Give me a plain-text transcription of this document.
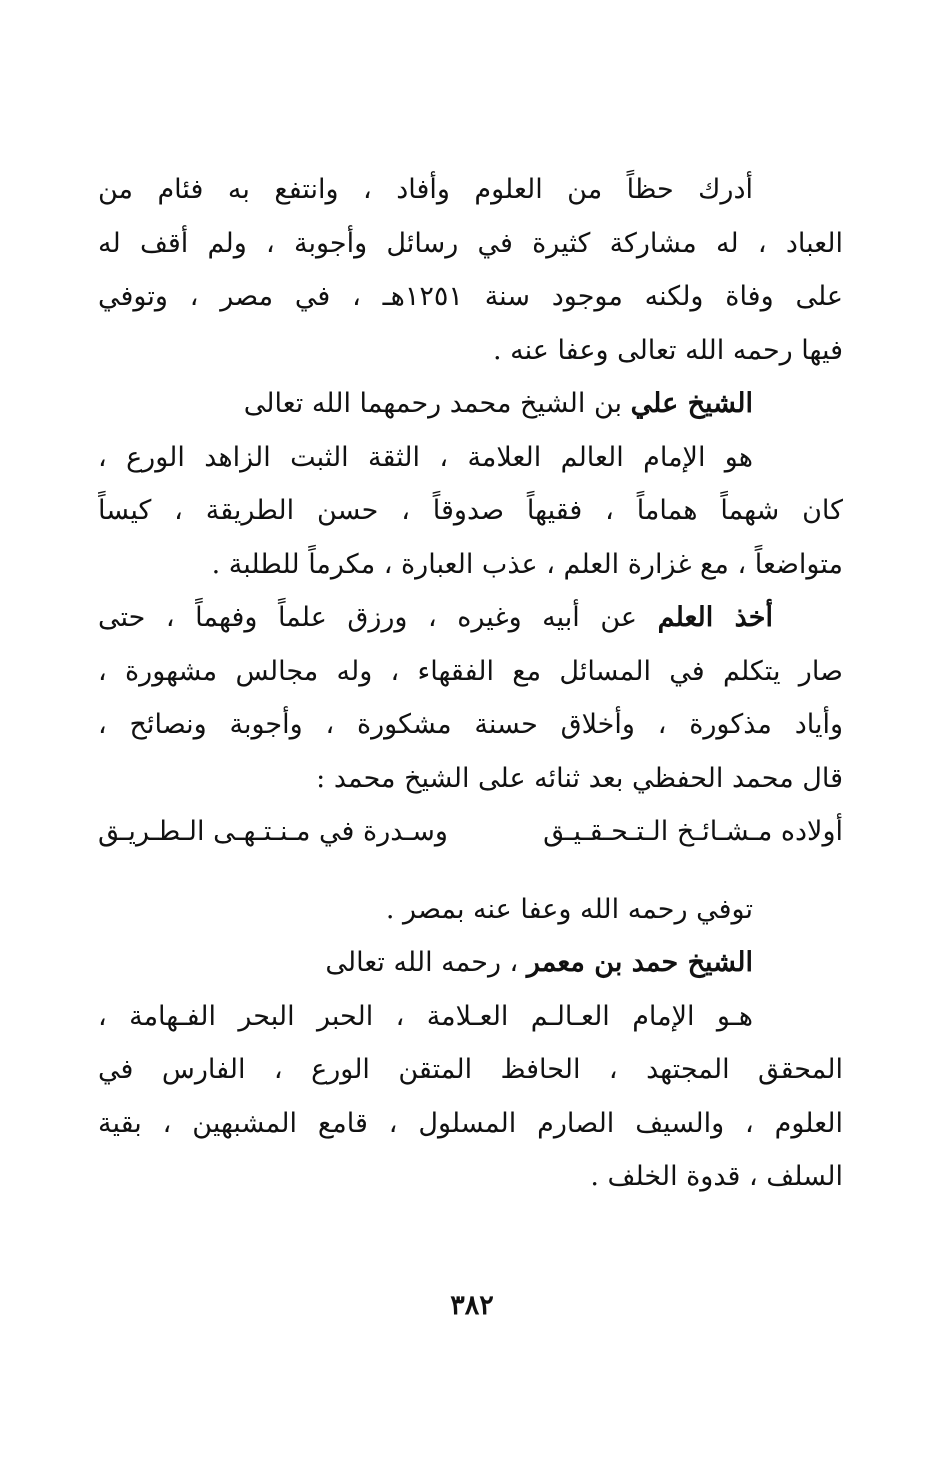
أدرك حظاً من العلوم وأفاد ، وانتفع به فئام من
العباد ، له مشاركة كثيرة في رسائل وأجوبة ، ولم أقف له
على وفاة ولكنه موجود سنة ١٢٥١هـ ، في مصر ، وتوفي
فيها رحمه الله تعالى وعفا عنه .
الشيخ علي بن الشيخ محمد رحمهما الله تعالى
هو الإمام العالم العلامة ، الثقة الثبت الزاهد الورع ،
كان شهماً هماماً ، فقيهاً صدوقاً ، حسن الطريقة ، كيساً
متواضعاً ، مع غزارة العلم ، عذب العبارة ، مكرماً للطلبة .
أخذ العلم عن أبيه وغيره ، ورزق علماً وفهماً ، حتى
صار يتكلم في المسائل مع الفقهاء ، وله مجالس مشهورة ،
وأياد مذكورة ، وأخلاق حسنة مشكورة ، وأجوبة ونصائح ،
قال محمد الحفظي بعد ثنائه على الشيخ محمد :
أولاده مـشـائـخ الـتـحـقـيـق
وسـدرة في مـنـتـهـى الـطـريـق
توفي رحمه الله وعفا عنه بمصر .
الشيخ حمد بن معمر ، رحمه الله تعالى
هـو الإمام العـالـم العـلامة ، الحبر البحر الفـهامة ،
المحقق المجتهد ، الحافظ المتقن الورع ، الفارس في
العلوم ، والسيف الصارم المسلول ، قامع المشبهين ، بقية
السلف ، قدوة الخلف .
٣٨٢
